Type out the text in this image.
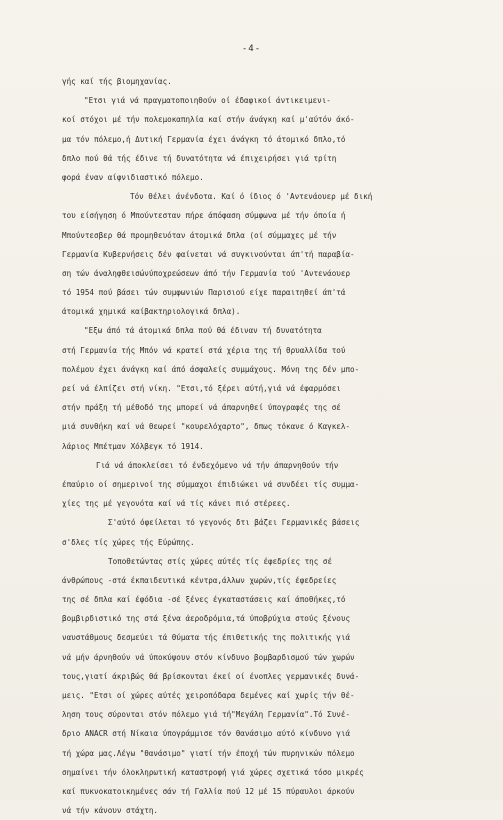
-4-
γής καί τής βιομηχανίας.
"Ετσι γιά νά πραγματοποιηθούν οί έδαφικοί άντικειμενι-
κοί στόχοι μέ τήν πολεμοκαπηλία καί στήν άνάγκη καί μ'αύτόν άκό-
μα τόν πόλεμο,ή Δυτική Γερμανία έχει άνάγκη τό άτομικό δπλο,τό
δπλο πού θά τής έδινε τή δυνατότητα νά έπιχειρήσει γιά τρίτη
φορά έναν αίφνιδιαστικό πόλεμο.
Τόν θέλει άνένδοτα. Καί ό ίδιος ό 'Αντενάουερ μέ δική
του είσήγηση ό Μπούντεσταν πήρε άπόφαση σύμφωνα μέ τήν όποία ή
Μπούντεσβερ θά προμηθευόταν άτομικά δπλα (οί σύμμαχες μέ τήν
Γερμανία Κυβερνήσεις δέν φαίνεται νά συγκινούνται άπ'τή παραβία-
ση τών άναληφθεισώνύποχρεώσεων άπό τήν Γερμανία τού 'Αντενάουερ
τό 1954 πού βάσει τών συμφωνιών Παρισιού είχε παραιτηθεί άπ'τά
άτομικά χημικά καίβακτηριολογικά δπλα).
"Εξω άπό τά άτομικά δπλα πού θά έδιναν τή δυνατότητα
στή Γερμανία τής Μπόν νά κρατεί στά χέρια της τή θρυαλλίδα τού
πολέμου έχει άνάγκη καί άπό άσφαλείς συμμάχους. Μόνη της δέν μπο-
ρεί νά έλπίζει στή νίκη. "Ετσι,τό ξέρει αύτή,γιά νά έφαρμόσει
στήν πράξη τή μέθοδό της μπορεί νά άπαρνηθεί ύπογραφές της σέ
μιά συνθήκη καί νά θεωρεί "κουρελόχαρτο", δπως τόκανε ό Καγκελ-
λάριος Μπέτμαν Χόλβεγκ τό 1914.
Γιά νά άποκλείσει τό ένδεχόμενο νά τήν άπαρνηθούν τήν
έπαύριο οί σημερινοί της σύμμαχοι έπιδιώκει νά συνδέει τίς συμμα-
χίες της μέ γεγονότα καί νά τίς κάνει πιό στέρεες.
Σ'αύτό όφείλεται τό γεγονός δτι βάζει Γερμανικές βάσεις
σ'δλες τίς χώρες τής Εύρώπης.
Τοποθετώντας στίς χώρες αύτές τίς έφεδρίες της σέ
άνθρώπους -στά έκπαιδευτικά κέντρα,άλλων χωρών,τίς έφεδρείες
της σέ δπλα καί έφόδια -σέ ξένες έγκαταστάσεις καί άποθήκες,τό
βομβιρδιστικό της στά ξένα άεροδρόμια,τά ύποβρύχια στούς ξένους
ναυστάθμους δεσμεύει τά θύματα τής έπιθετικής της πολιτικής γιά
νά μήν άρνηθούν νά ύποκύψουν στόν κίνδυνο βομβαρδισμού τών χωρών
τους,γιατί άκριβώς θά βρίσκονται έκεί οί ένοπλες γερμανικές δυνά-
μεις. "Ετσι οί χώρες αύτές χειροπόδαρα δεμένες καί χωρίς τήν θέ-
ληση τους σύρονται στόν πόλεμο γιά τή"Μεγάλη Γερμανία".Τό Συνέ-
δριο ANACR στή Νίκαια ύπογράμμισε τόν θανάσιμο αύτό κίνδυνο γιά
τή χώρα μας.Λέγω "θανάσιμο" γιατί τήν έποχή τών πυρηνικών πόλεμο
σημαίνει τήν όλοκληρωτική καταστροφή γιά χώρες σχετικά τόσο μικρές
καί πυκνοκατοικημένες σάν τή Γαλλία πού 12 μέ 15 πύραυλοι άρκούν
νά τήν κάνουν στάχτη.
